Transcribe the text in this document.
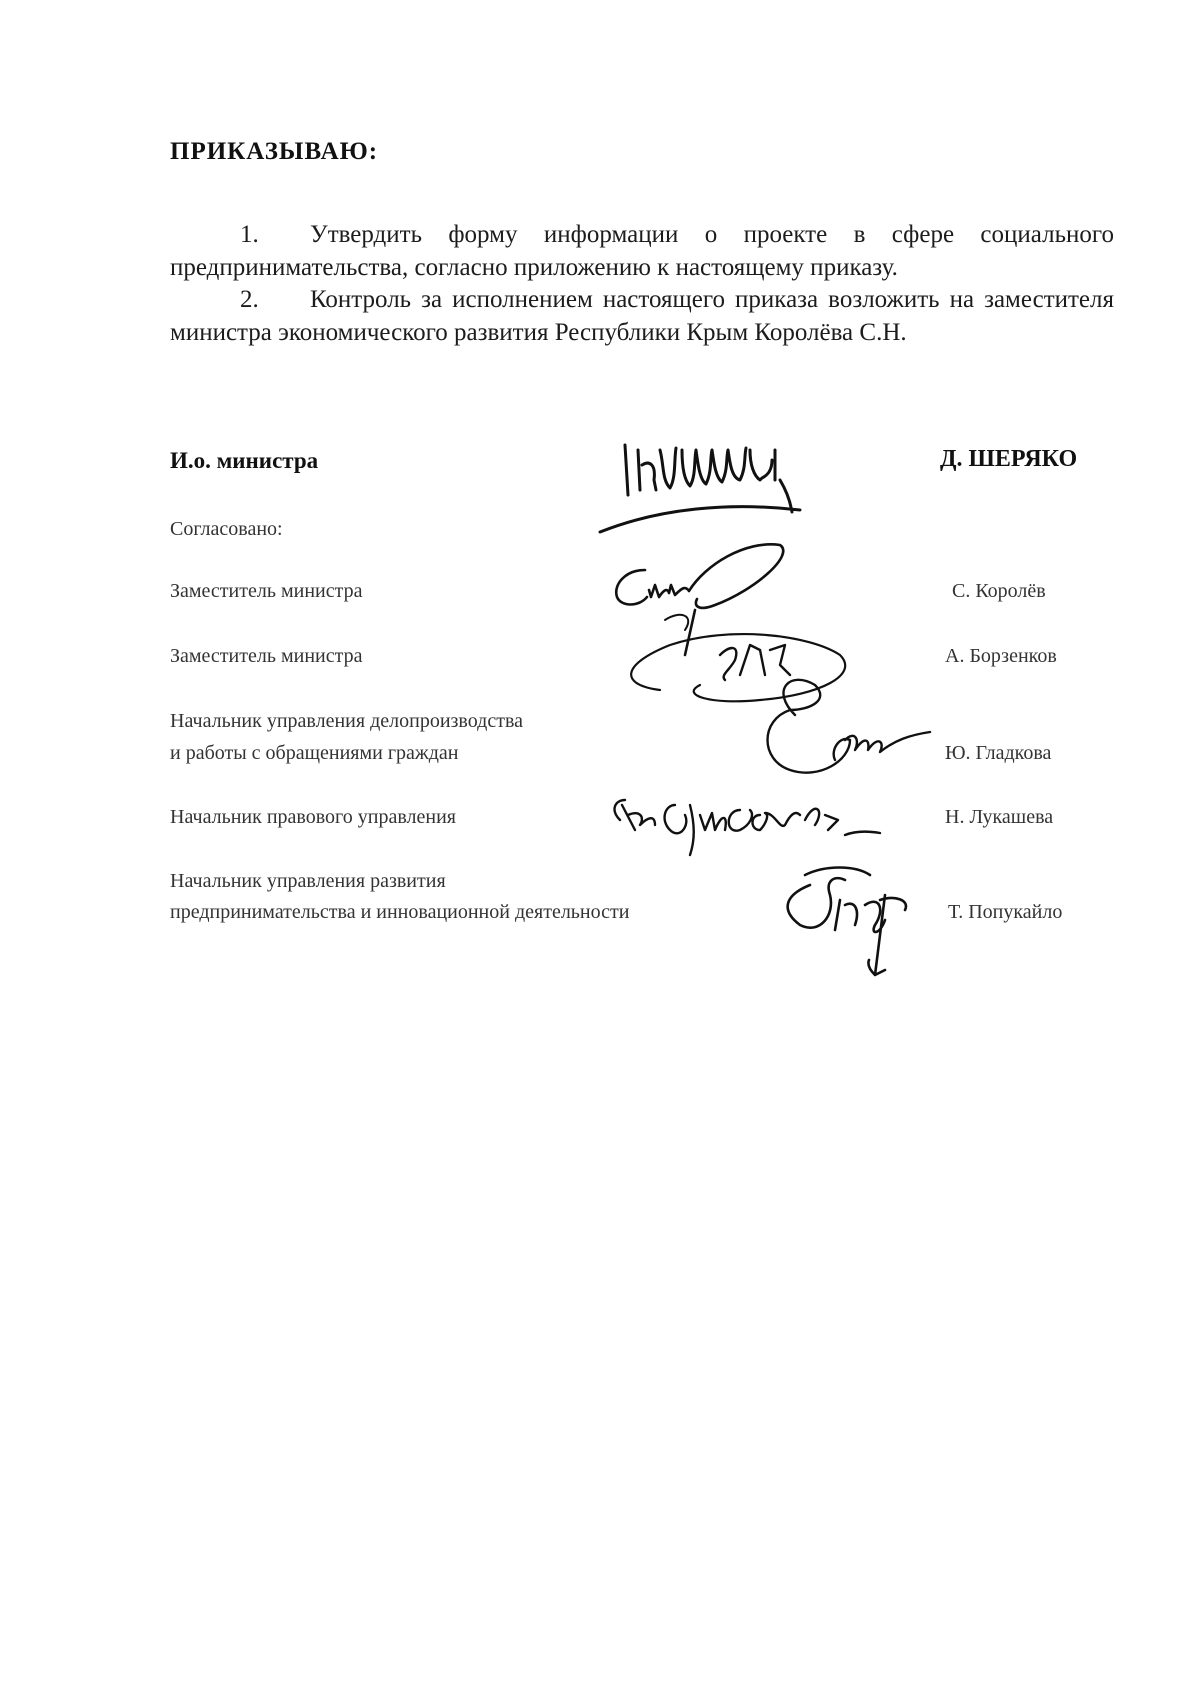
ПРИКАЗЫВАЮ:
1. Утвердить форму информации о проекте в сфере социального предпринимательства, согласно приложению к настоящему приказу.
2. Контроль за исполнением настоящего приказа возложить на заместителя министра экономического развития Республики Крым Королёва С.Н.
И.о. министра	Д. ШЕРЯКО
Согласовано:
Заместитель министра	С. Королёв
Заместитель министра	А. Борзенков
Начальник управления делопроизводства
и работы с обращениями граждан	Ю. Гладкова
Начальник правового управления	Н. Лукашева
Начальник управления развития
предпринимательства и инновационной деятельности	Т. Попукайло
